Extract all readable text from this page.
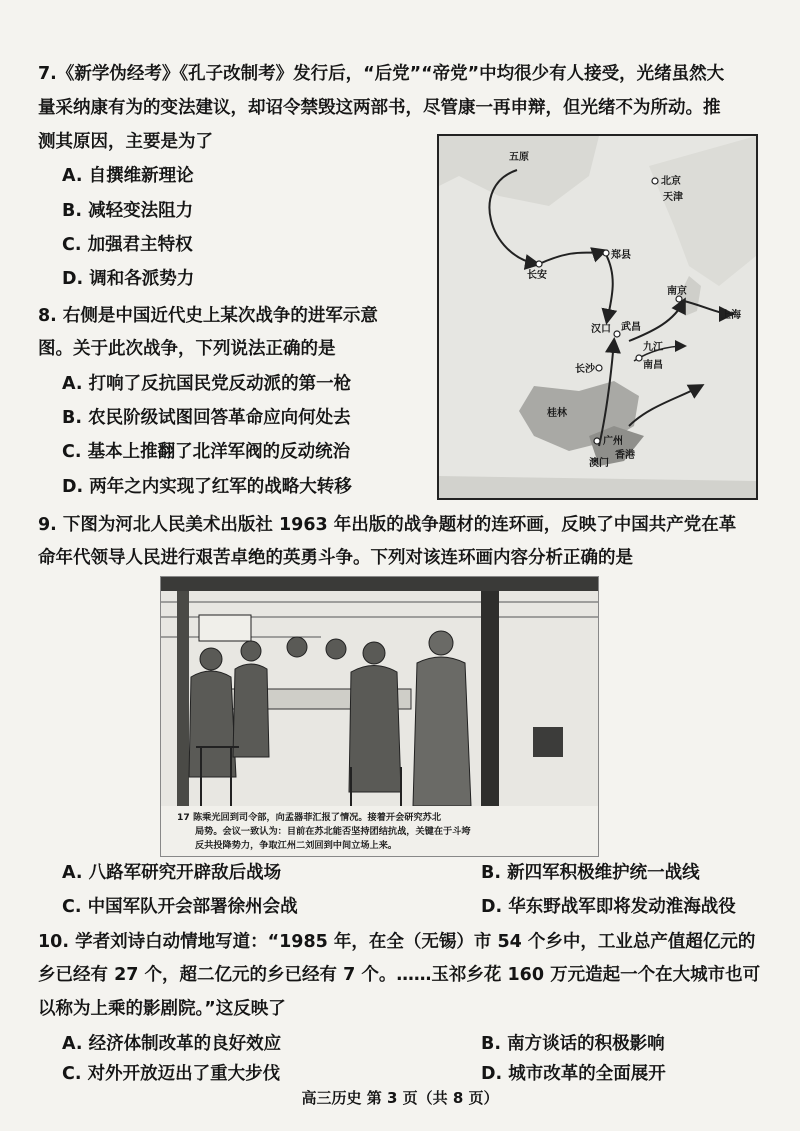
7.《新学伪经考》《孔子改制考》发行后，“后党”“帝党”中均很少有人接受，光绪虽然大
量采纳康有为的变法建议，却诏令禁毁这两部书，尽管康一再申辩，但光绪不为所动。推
测其原因，主要是为了
A. 自撰维新理论
B. 减轻变法阻力
C. 加强君主特权
D. 调和各派势力
8. 右侧是中国近代史上某次战争的进军示意
图。关于此次战争，下列说法正确的是
A. 打响了反抗国民党反动派的第一枪
B. 农民阶级试图回答革命应向何处去
C. 基本上推翻了北洋军阀的反动统治
D. 两年之内实现了红军的战略大转移
五原
北京
天津
长安
郑县
南京
上海
汉口 武昌
九江
长沙	南昌
桂林
广州
澳门
香港
9. 下图为河北人民美术出版社 1963 年出版的战争题材的连环画，反映了中国共产党在革
命年代领导人民进行艰苦卓绝的英勇斗争。下列对该连环画内容分析正确的是
17 陈乘光回到司令部，向孟器菲汇报了情况。接着开会研究苏北
局势。会议一致认为：目前在苏北能否坚持团结抗战，关键在于斗垮
反共投降势力，争取江州二刘回到中间立场上来。
A. 八路军研究开辟敌后战场	B. 新四军积极维护统一战线
C. 中国军队开会部署徐州会战	D. 华东野战军即将发动淮海战役
10. 学者刘诗白动情地写道：“1985 年，在全（无锡）市 54 个乡中，工业总产值超亿元的
乡已经有 27 个，超二亿元的乡已经有 7 个。……玉祁乡花 160 万元造起一个在大城市也可
以称为上乘的影剧院。”这反映了
A. 经济体制改革的良好效应	B. 南方谈话的积极影响
C. 对外开放迈出了重大步伐	D. 城市改革的全面展开
高三历史 第 3 页（共 8 页）
